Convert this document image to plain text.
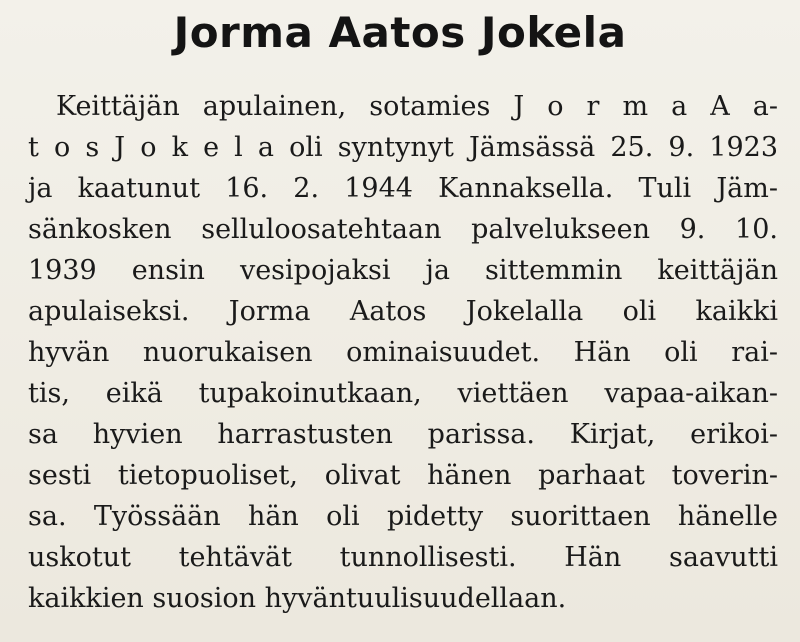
Jorma Aatos Jokela
Keittäjän apulainen, sotamies J o r m a A a-
t o s J o k e l a oli syntynyt Jämsässä 25. 9. 1923
ja kaatunut 16. 2. 1944 Kannaksella. Tuli Jäm-
sänkosken selluloosatehtaan palvelukseen 9. 10.
1939 ensin vesipojaksi ja sittemmin keittäjän
apulaiseksi. Jorma Aatos Jokelalla oli kaikki
hyvän nuorukaisen ominaisuudet. Hän oli rai-
tis, eikä tupakoinutkaan, viettäen vapaa-aikan-
sa hyvien harrastusten parissa. Kirjat, erikoi-
sesti tietopuoliset, olivat hänen parhaat toverin-
sa. Työssään hän oli pidetty suorittaen hänelle
uskotut tehtävät tunnollisesti. Hän saavutti
kaikkien suosion hyväntuulisuudellaan.
